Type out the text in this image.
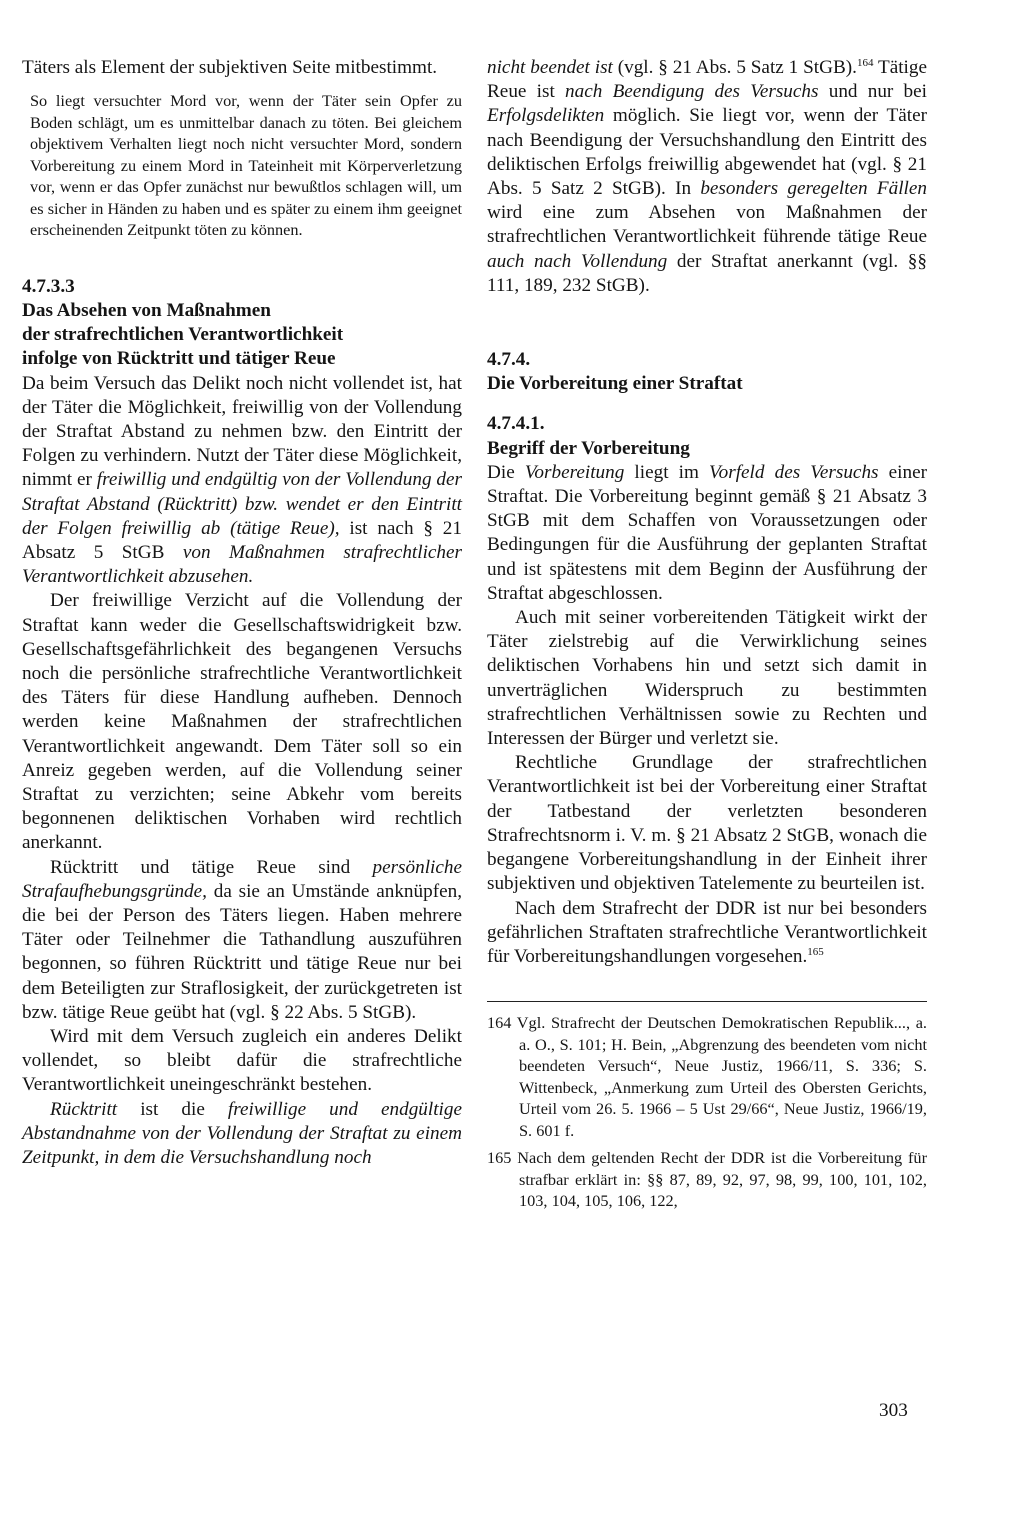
Täters als Element der subjektiven Seite mitbestimmt.

So liegt versuchter Mord vor, wenn der Täter sein Opfer zu Boden schlägt, um es unmittelbar danach zu töten. Bei gleichem objektivem Verhalten liegt noch nicht versuchter Mord, sondern Vorbereitung zu einem Mord in Tateinheit mit Körperverletzung vor, wenn er das Opfer zunächst nur bewußtlos schlagen will, um es sicher in Händen zu haben und es später zu einem ihm geeignet erscheinenden Zeitpunkt töten zu können.

4.7.3.3

Das Absehen von Maßnahmen

der strafrechtlichen Verantwortlichkeit

infolge von Rücktritt und tätiger Reue

Da beim Versuch das Delikt noch nicht vollendet ist, hat der Täter die Möglichkeit, freiwillig von der Vollendung der Straftat Abstand zu nehmen bzw. den Eintritt der Folgen zu verhindern. Nutzt der Täter diese Möglichkeit, nimmt er freiwillig und endgültig von der Vollendung der Straftat Abstand (Rücktritt) bzw. wendet er den Eintritt der Folgen freiwillig ab (tätige Reue), ist nach § 21 Absatz 5 StGB von Maßnahmen strafrechtlicher Verantwortlichkeit abzusehen.

Der freiwillige Verzicht auf die Vollendung der Straftat kann weder die Gesellschaftswidrigkeit bzw. Gesellschaftsgefährlichkeit des begangenen Versuchs noch die persönliche strafrechtliche Verantwortlichkeit des Täters für diese Handlung aufheben. Dennoch werden keine Maßnahmen der strafrechtlichen Verantwortlichkeit angewandt. Dem Täter soll so ein Anreiz gegeben werden, auf die Vollendung seiner Straftat zu verzichten; seine Abkehr vom bereits begonnenen deliktischen Vorhaben wird rechtlich anerkannt.

Rücktritt und tätige Reue sind persönliche Strafaufhebungsgründe, da sie an Umstände anknüpfen, die bei der Person des Täters liegen. Haben mehrere Täter oder Teilnehmer die Tathandlung auszuführen begonnen, so führen Rücktritt und tätige Reue nur bei dem Beteiligten zur Straflosigkeit, der zurückgetreten ist bzw. tätige Reue geübt hat (vgl. § 22 Abs. 5 StGB).

Wird mit dem Versuch zugleich ein anderes Delikt vollendet, so bleibt dafür die strafrechtliche Verantwortlichkeit uneingeschränkt bestehen.

Rücktritt ist die freiwillige und endgültige Abstandnahme von der Vollendung der Straftat zu einem Zeitpunkt, in dem die Versuchshandlung noch

nicht beendet ist (vgl. § 21 Abs. 5 Satz 1 StGB).$^{164}$ Tätige Reue ist nach Beendigung des Versuchs und nur bei Erfolgsdelikten möglich. Sie liegt vor, wenn der Täter nach Beendigung der Versuchshandlung den Eintritt des deliktischen Erfolgs freiwillig abgewendet hat (vgl. § 21 Abs. 5 Satz 2 StGB). In besonders geregelten Fällen wird eine zum Absehen von Maßnahmen der strafrechtlichen Verantwortlichkeit führende tätige Reue auch nach Vollendung der Straftat anerkannt (vgl. §§ 111, 189, 232 StGB).

4.7.4.

Die Vorbereitung einer Straftat

4.7.4.1.

Begriff der Vorbereitung

Die Vorbereitung liegt im Vorfeld des Versuchs einer Straftat. Die Vorbereitung beginnt gemäß § 21 Absatz 3 StGB mit dem Schaffen von Voraussetzungen oder Bedingungen für die Ausführung der geplanten Straftat und ist spätestens mit dem Beginn der Ausführung der Straftat abgeschlossen.

Auch mit seiner vorbereitenden Tätigkeit wirkt der Täter zielstrebig auf die Verwirklichung seines deliktischen Vorhabens hin und setzt sich damit in unverträglichen Widerspruch zu bestimmten strafrechtlichen Verhältnissen sowie zu Rechten und Interessen der Bürger und verletzt sie.

Rechtliche Grundlage der strafrechtlichen Verantwortlichkeit ist bei der Vorbereitung einer Straftat der Tatbestand der verletzten besonderen Strafrechtsnorm i. V. m. § 21 Absatz 2 StGB, wonach die begangene Vorbereitungshandlung in der Einheit ihrer subjektiven und objektiven Tatelemente zu beurteilen ist.

Nach dem Strafrecht der DDR ist nur bei besonders gefährlichen Straftaten strafrechtliche Verantwortlichkeit für Vorbereitungshandlungen vorgesehen.$^{165}$

164 Vgl. Strafrecht der Deutschen Demokratischen Republik..., a. a. O., S. 101; H. Bein, „Abgrenzung des beendeten vom nicht beendeten Versuch“, Neue Justiz, 1966/11, S. 336; S. Wittenbeck, „Anmerkung zum Urteil des Obersten Gerichts, Urteil vom 26. 5. 1966 – 5 Ust 29/66“, Neue Justiz, 1966/19, S. 601 f.

165 Nach dem geltenden Recht der DDR ist die Vorbereitung für strafbar erklärt in: §§ 87, 89, 92, 97, 98, 99, 100, 101, 102, 103, 104, 105, 106, 122,

303
